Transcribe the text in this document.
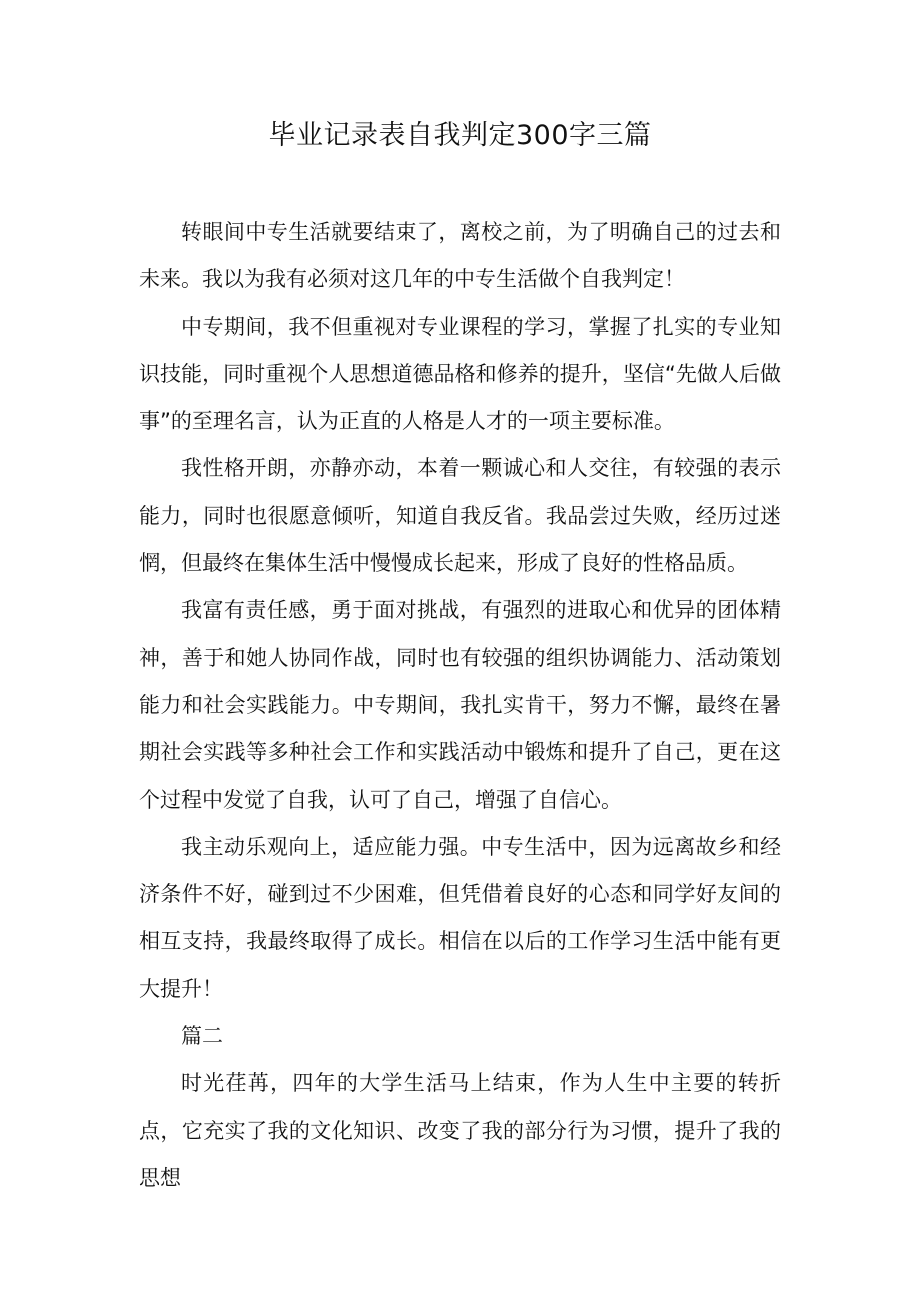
毕业记录表自我判定300字三篇

转眼间中专生活就要结束了，离校之前，为了明确自己的过去和未来。我以为我有必须对这几年的中专生活做个自我判定！

中专期间，我不但重视对专业课程的学习，掌握了扎实的专业知识技能，同时重视个人思想道德品格和修养的提升，坚信“先做人后做事”的至理名言，认为正直的人格是人才的一项主要标准。

我性格开朗，亦静亦动，本着一颗诚心和人交往，有较强的表示能力，同时也很愿意倾听，知道自我反省。我品尝过失败，经历过迷惘，但最终在集体生活中慢慢成长起来，形成了良好的性格品质。

我富有责任感，勇于面对挑战，有强烈的进取心和优异的团体精神，善于和她人协同作战，同时也有较强的组织协调能力、活动策划能力和社会实践能力。中专期间，我扎实肯干，努力不懈，最终在暑期社会实践等多种社会工作和实践活动中锻炼和提升了自己，更在这个过程中发觉了自我，认可了自己，增强了自信心。

我主动乐观向上，适应能力强。中专生活中，因为远离故乡和经济条件不好，碰到过不少困难，但凭借着良好的心态和同学好友间的相互支持，我最终取得了成长。相信在以后的工作学习生活中能有更大提升！

篇二

时光荏苒，四年的大学生活马上结束，作为人生中主要的转折点，它充实了我的文化知识、改变了我的部分行为习惯，提升了我的思想
